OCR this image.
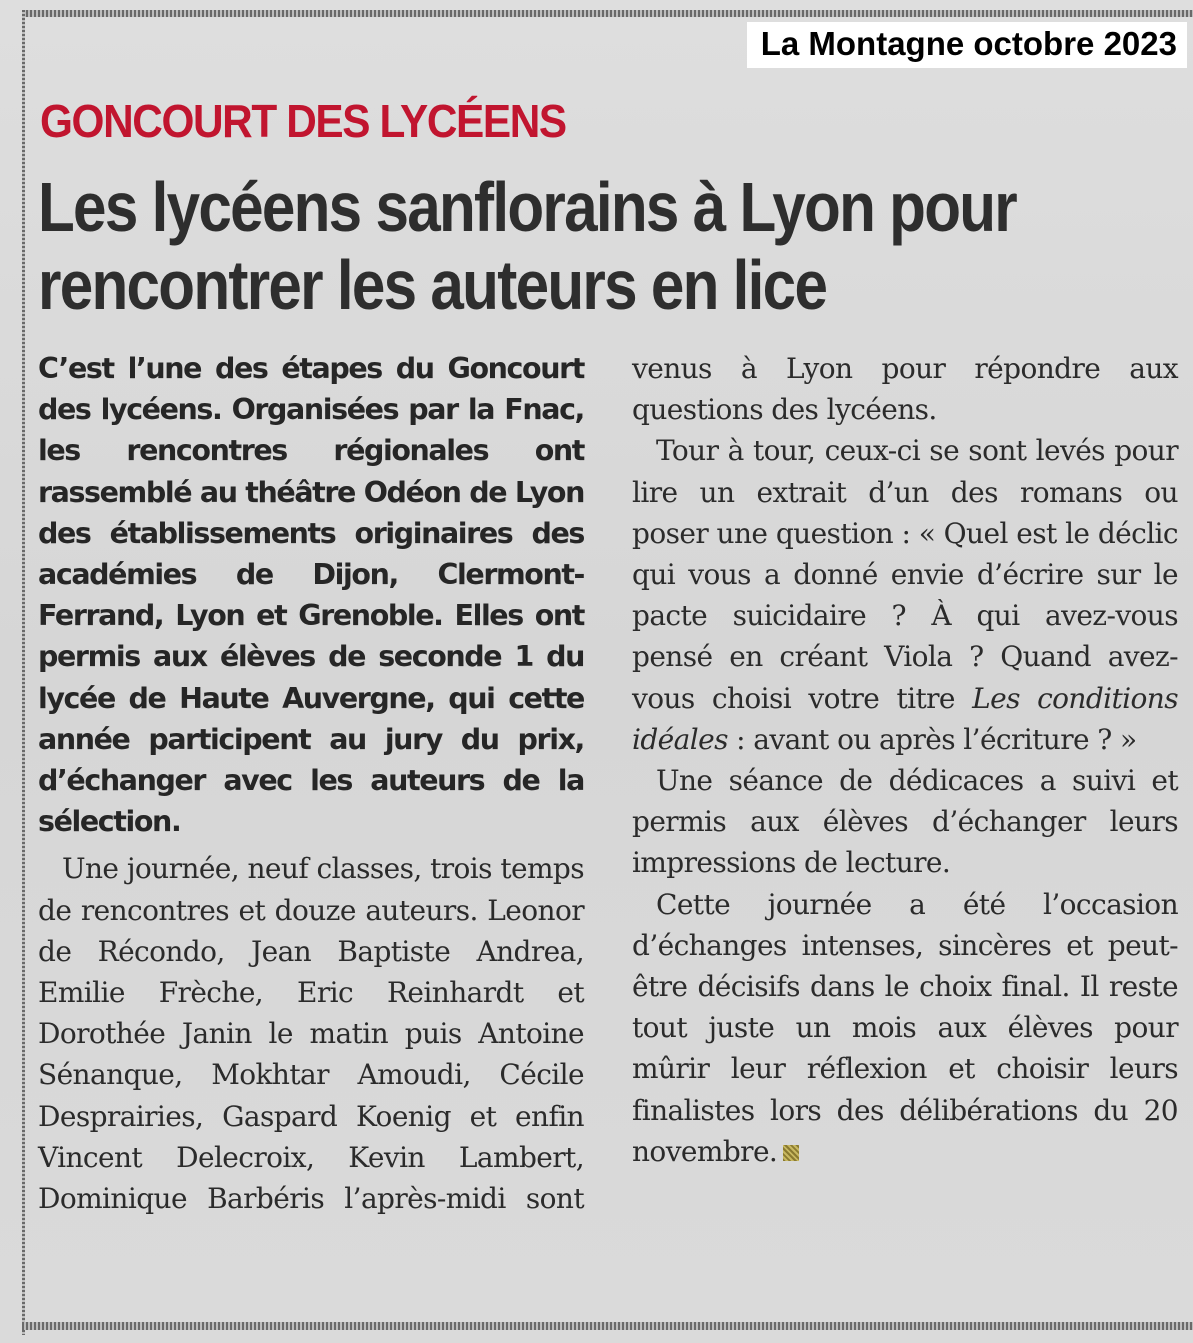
La Montagne octobre 2023
GONCOURT DES LYCÉENS
Les lycéens sanflorains à Lyon pour
rencontrer les auteurs en lice

C’est l’une des étapes du Goncourt des lycéens. Organisées par la Fnac, les rencontres régionales ont rassemblé au théâtre Odéon de Lyon des établissements originaires des académies de Dijon, Clermont-Ferrand, Lyon et Grenoble. Elles ont permis aux élèves de seconde 1 du lycée de Haute Auvergne, qui cette année participent au jury du prix, d’échanger avec les auteurs de la sélection.

Une journée, neuf classes, trois temps de rencontres et douze auteurs. Leonor de Récondo, Jean Baptiste Andrea, Emilie Frèche, Eric Reinhardt et Dorothée Janin le matin puis Antoine Sénanque, Mokhtar Amoudi, Cécile Desprairies, Gaspard Koenig et enfin Vincent Delecroix, Kevin Lambert, Dominique Barbéris l’après-midi sont

venus à Lyon pour répondre aux questions des lycéens.

Tour à tour, ceux-ci se sont levés pour lire un extrait d’un des romans ou poser une question : « Quel est le déclic qui vous a donné envie d’écrire sur le pacte suicidaire ? À qui avez-vous pensé en créant Viola ? Quand avez-vous choisi votre titre Les conditions idéales : avant ou après l’écriture ? »

Une séance de dédicaces a suivi et permis aux élèves d’échanger leurs impressions de lecture.

Cette journée a été l’occasion d’échanges intenses, sincères et peut-être décisifs dans le choix final. Il reste tout juste un mois aux élèves pour mûrir leur réflexion et choisir leurs finalistes lors des délibérations du 20 novembre.
